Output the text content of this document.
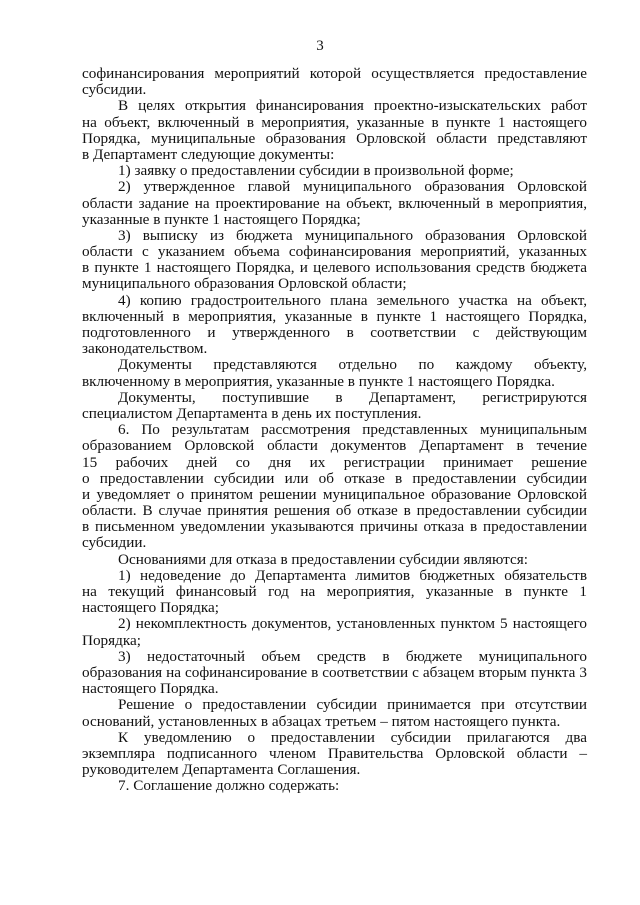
3
софинансирования мероприятий которой осуществляется предоставление
субсидии.
В целях открытия финансирования проектно-изыскательских работ
на объект, включенный в мероприятия, указанные в пункте 1 настоящего
Порядка, муниципальные образования Орловской области представляют
в Департамент следующие документы:
1) заявку о предоставлении субсидии в произвольной форме;
2) утвержденное главой муниципального образования Орловской
области задание на проектирование на объект, включенный в мероприятия,
указанные в пункте 1 настоящего Порядка;
3) выписку из бюджета муниципального образования Орловской
области с указанием объема софинансирования мероприятий, указанных
в пункте 1 настоящего Порядка, и целевого использования средств бюджета
муниципального образования Орловской области;
4) копию градостроительного плана земельного участка на объект,
включенный в мероприятия, указанные в пункте 1 настоящего Порядка,
подготовленного и утвержденного в соответствии с действующим
законодательством.
Документы представляются отдельно по каждому объекту,
включенному в мероприятия, указанные в пункте 1 настоящего Порядка.
Документы, поступившие в Департамент, регистрируются
специалистом Департамента в день их поступления.
6. По результатам рассмотрения представленных муниципальным
образованием Орловской области документов Департамент в течение
15 рабочих дней со дня их регистрации принимает решение
о предоставлении субсидии или об отказе в предоставлении субсидии
и уведомляет о принятом решении муниципальное образование Орловской
области. В случае принятия решения об отказе в предоставлении субсидии
в письменном уведомлении указываются причины отказа в предоставлении
субсидии.
Основаниями для отказа в предоставлении субсидии являются:
1) недоведение до Департамента лимитов бюджетных обязательств
на текущий финансовый год на мероприятия, указанные в пункте 1
настоящего Порядка;
2) некомплектность документов, установленных пунктом 5 настоящего
Порядка;
3) недостаточный объем средств в бюджете муниципального
образования на софинансирование в соответствии с абзацем вторым пункта 3
настоящего Порядка.
Решение о предоставлении субсидии принимается при отсутствии
оснований, установленных в абзацах третьем – пятом настоящего пункта.
К уведомлению о предоставлении субсидии прилагаются два
экземпляра подписанного членом Правительства Орловской области –
руководителем Департамента Соглашения.
7. Соглашение должно содержать:
